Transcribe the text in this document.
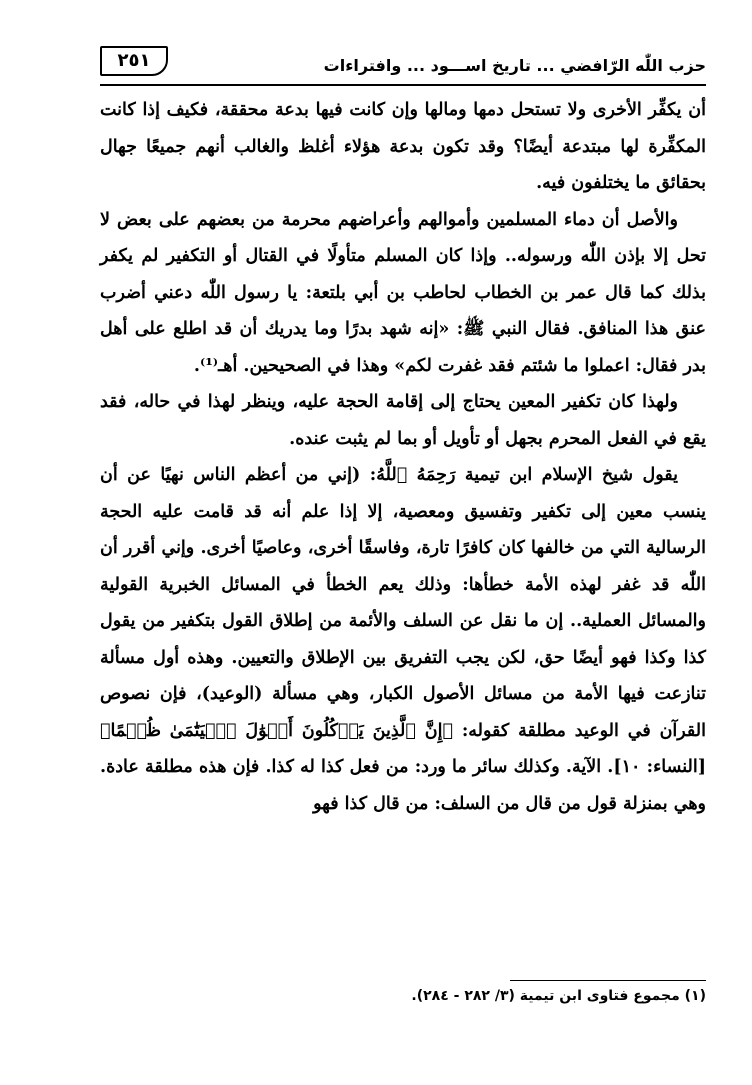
حزب اللّٰه الرّافضي ... تاريخ اســـود ... وافتراءات
٢٥١

أن يكفِّر الأخرى ولا تستحل دمها ومالها وإن كانت فيها بدعة محققة، فكيف إذا كانت المكفِّرة لها مبتدعة أيضًا؟ وقد تكون بدعة هؤلاء أغلظ والغالب أنهم جميعًا جهال بحقائق ما يختلفون فيه.

والأصل أن دماء المسلمين وأموالهم وأعراضهم محرمة من بعضهم على بعض لا تحل إلا بإذن اللّٰه ورسوله.. وإذا كان المسلم متأولًا في القتال أو التكفير لم يكفر بذلك كما قال عمر بن الخطاب لحاطب بن أبي بلتعة: يا رسول اللّٰه دعني أضرب عنق هذا المنافق. فقال النبي ﷺ: «إنه شهد بدرًا وما يدريك أن قد اطلع على أهل بدر فقال: اعملوا ما شئتم فقد غفرت لكم» وهذا في الصحيحين. أهـ⁽¹⁾.

ولهذا كان تكفير المعين يحتاج إلى إقامة الحجة عليه، وينظر لهذا في حاله، فقد يقع في الفعل المحرم بجهل أو تأويل أو بما لم يثبت عنده.

يقول شيخ الإسلام ابن تيمية رَحِمَهُ ٱللَّهُ: (إني من أعظم الناس نهيًا عن أن ينسب معين إلى تكفير وتفسيق ومعصية، إلا إذا علم أنه قد قامت عليه الحجة الرسالية التي من خالفها كان كافرًا تارة، وفاسقًا أخرى، وعاصيًا أخرى. وإني أقرر أن اللّٰه قد غفر لهذه الأمة خطأها: وذلك يعم الخطأ في المسائل الخبرية القولية والمسائل العملية.. إن ما نقل عن السلف والأئمة من إطلاق القول بتكفير من يقول كذا وكذا فهو أيضًا حق، لكن يجب التفريق بين الإطلاق والتعيين. وهذه أول مسألة تنازعت فيها الأمة من مسائل الأصول الكبار، وهي مسألة (الوعيد)، فإن نصوص القرآن في الوعيد مطلقة كقوله: ﴿إِنَّ ٱلَّذِينَ يَأۡكُلُونَ أَمۡوَٰلَ ٱلۡيَتَٰمَىٰ ظُلۡمًا﴾ [النساء: ١٠]. الآية. وكذلك سائر ما ورد: من فعل كذا له كذا. فإن هذه مطلقة عادة. وهي بمنزلة قول من قال من السلف: من قال كذا فهو

(١) مجموع فتاوى ابن تيمية (٣/ ٢٨٢ - ٢٨٤).
